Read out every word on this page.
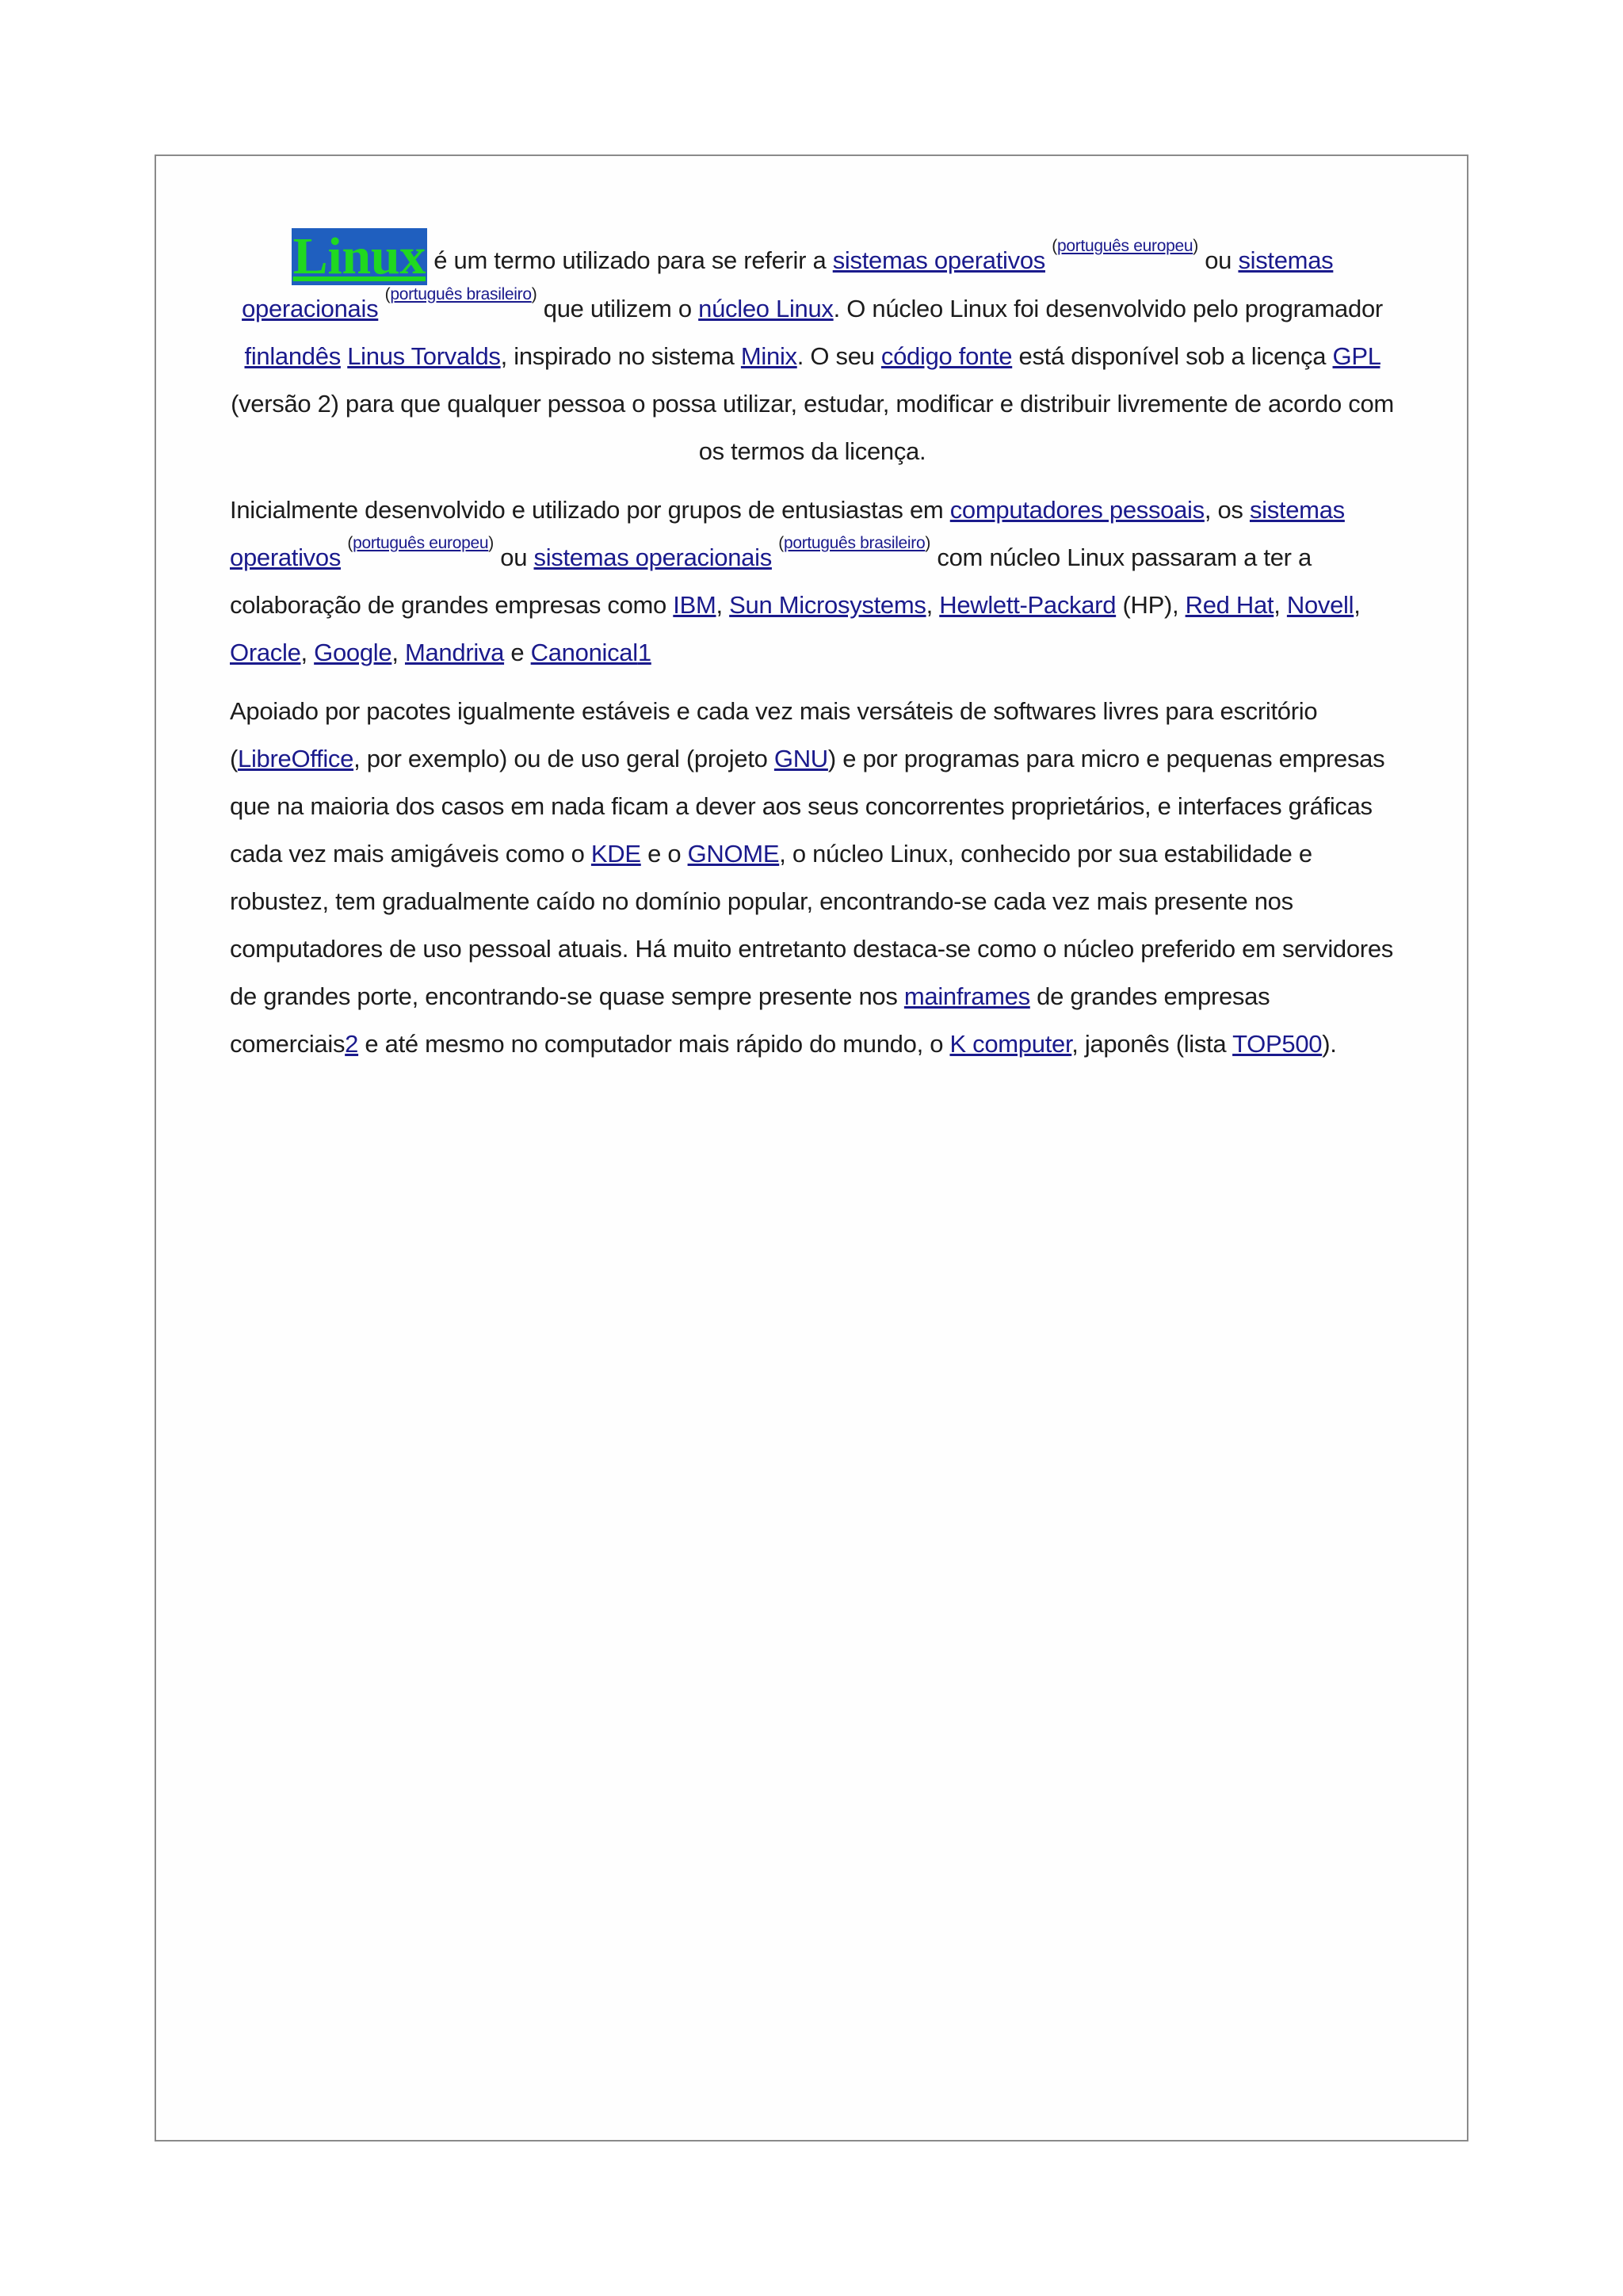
Linux é um termo utilizado para se referir a sistemas operativos $^{(português europeu)}$ ou sistemas operacionais $^{(português brasileiro)}$ que utilizem o núcleo Linux. O núcleo Linux foi desenvolvido pelo programador finlandês Linus Torvalds, inspirado no sistema Minix. O seu código fonte está disponível sob a licença GPL (versão 2) para que qualquer pessoa o possa utilizar, estudar, modificar e distribuir livremente de acordo com os termos da licença.

Inicialmente desenvolvido e utilizado por grupos de entusiastas em computadores pessoais, os sistemas operativos $^{(português europeu)}$ ou sistemas operacionais $^{(português brasileiro)}$ com núcleo Linux passaram a ter a colaboração de grandes empresas como IBM, Sun Microsystems, Hewlett-Packard (HP), Red Hat, Novell, Oracle, Google, Mandriva e Canonical1

Apoiado por pacotes igualmente estáveis e cada vez mais versáteis de softwares livres para escritório (LibreOffice, por exemplo) ou de uso geral (projeto GNU) e por programas para micro e pequenas empresas que na maioria dos casos em nada ficam a dever aos seus concorrentes proprietários, e interfaces gráficas cada vez mais amigáveis como o KDE e o GNOME, o núcleo Linux, conhecido por sua estabilidade e robustez, tem gradualmente caído no domínio popular, encontrando-se cada vez mais presente nos computadores de uso pessoal atuais. Há muito entretanto destaca-se como o núcleo preferido em servidores de grandes porte, encontrando-se quase sempre presente nos mainframes de grandes empresas comerciais2 e até mesmo no computador mais rápido do mundo, o K computer, japonês (lista TOP500).
